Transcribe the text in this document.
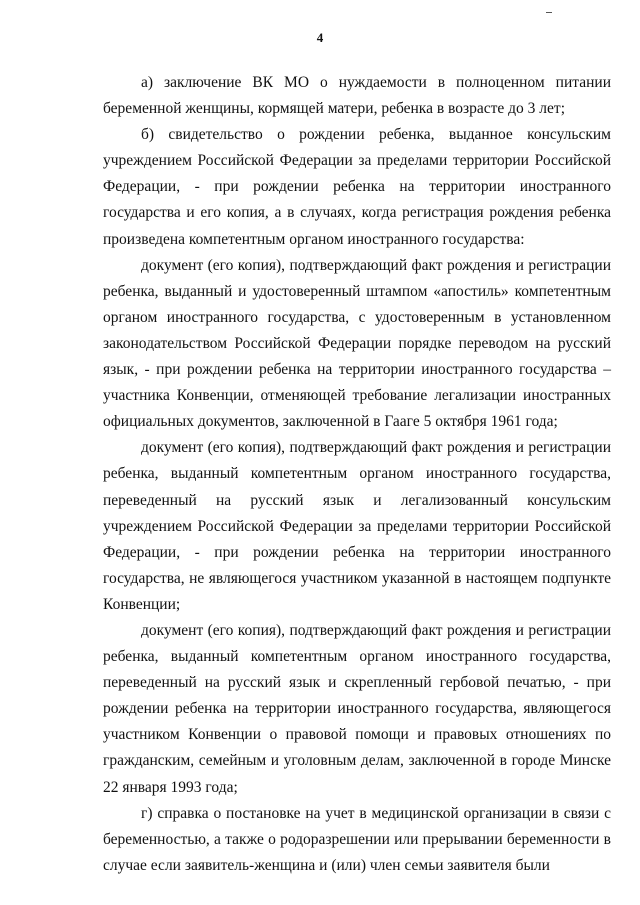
4

а) заключение ВК МО о нуждаемости в полноценном питании беременной женщины, кормящей матери, ребенка в возрасте до 3 лет;

б) свидетельство о рождении ребенка, выданное консульским учреждением Российской Федерации за пределами территории Российской Федерации, - при рождении ребенка на территории иностранного государства и его копия, а в случаях, когда регистрация рождения ребенка произведена компетентным органом иностранного государства:

документ (его копия), подтверждающий факт рождения и регистрации ребенка, выданный и удостоверенный штампом «апостиль» компетентным органом иностранного государства, с удостоверенным в установленном законодательством Российской Федерации порядке переводом на русский язык, - при рождении ребенка на территории иностранного государства – участника Конвенции, отменяющей требование легализации иностранных официальных документов, заключенной в Гааге 5 октября 1961 года;

документ (его копия), подтверждающий факт рождения и регистрации ребенка, выданный компетентным органом иностранного государства, переведенный на русский язык и легализованный консульским учреждением Российской Федерации за пределами территории Российской Федерации, - при рождении ребенка на территории иностранного государства, не являющегося участником указанной в настоящем подпункте Конвенции;

документ (его копия), подтверждающий факт рождения и регистрации ребенка, выданный компетентным органом иностранного государства, переведенный на русский язык и скрепленный гербовой печатью, - при рождении ребенка на территории иностранного государства, являющегося участником Конвенции о правовой помощи и правовых отношениях по гражданским, семейным и уголовным делам, заключенной в городе Минске 22 января 1993 года;

г) справка о постановке на учет в медицинской организации в связи с беременностью, а также о родоразрешении или прерывании беременности в случае если заявитель-женщина и (или) член семьи заявителя были
